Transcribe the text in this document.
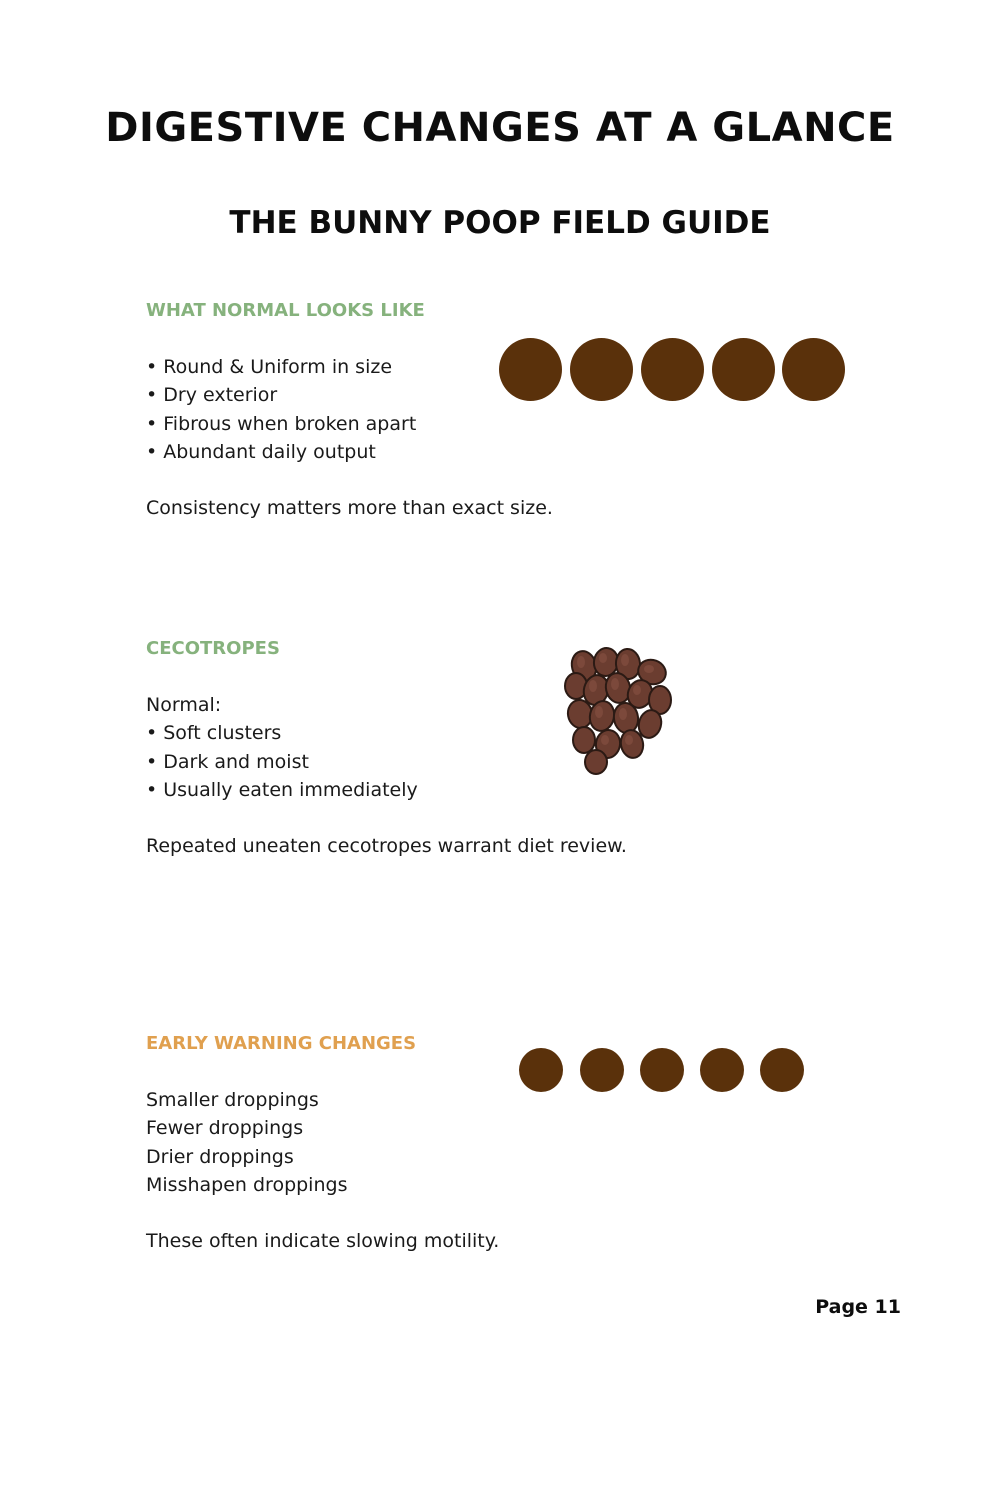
DIGESTIVE CHANGES AT A GLANCE
THE BUNNY POOP FIELD GUIDE
WHAT NORMAL LOOKS LIKE
• Round & Uniform in size
• Dry exterior
• Fibrous when broken apart
• Abundant daily output

Consistency matters more than exact size.

CECOTROPES
Normal:
• Soft clusters
• Dark and moist
• Usually eaten immediately

Repeated uneaten cecotropes warrant diet review.

EARLY WARNING CHANGES
Smaller droppings
Fewer droppings
Drier droppings
Misshapen droppings

These often indicate slowing motility.

Page 11
